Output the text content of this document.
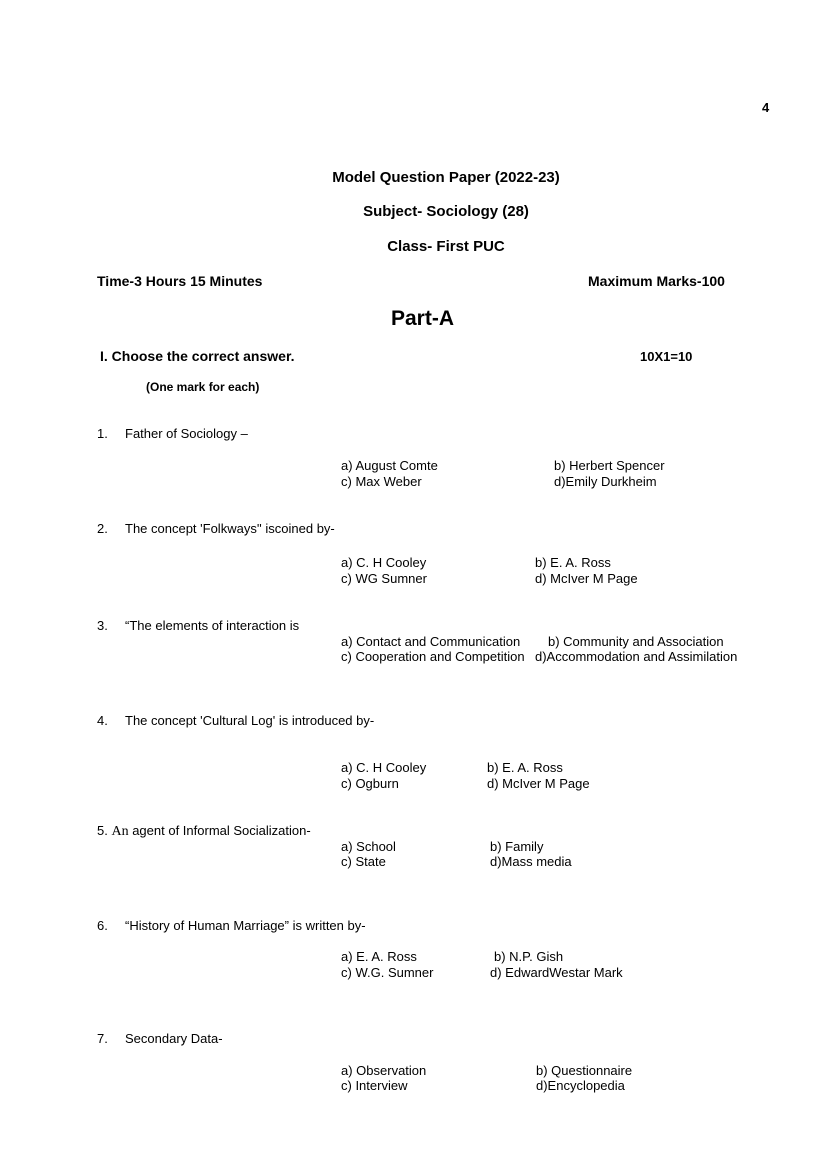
4
Model Question Paper (2022-23)
Subject- Sociology (28)
Class- First PUC
Time-3 Hours 15 Minutes	Maximum Marks-100
Part-A
I. Choose the correct answer.	10X1=10
(One mark for each)
1. Father of Sociology –
a) August Comte	b) Herbert Spencer
c) Max Weber	d)Emily Durkheim
2. The concept 'Folkways'' iscoined by-
a) C. H Cooley	b) E. A. Ross
c) WG Sumner	d) McIver M Page
3. “The elements of interaction is
a) Contact and Communication b) Community and Association
c) Cooperation and Competition d)Accommodation and Assimilation
4. The concept 'Cultural Log' is introduced by-
a) C. H Cooley	b) E. A. Ross
c) Ogburn	d) McIver M Page
5. An agent of Informal Socialization-
a) School	b) Family
c) State	d)Mass media
6. “History of Human Marriage” is written by-
a) E. A. Ross	b) N.P. Gish
c) W.G. Sumner	d) EdwardWestar Mark
7. Secondary Data-
a) Observation	b) Questionnaire
c) Interview	d)Encyclopedia
